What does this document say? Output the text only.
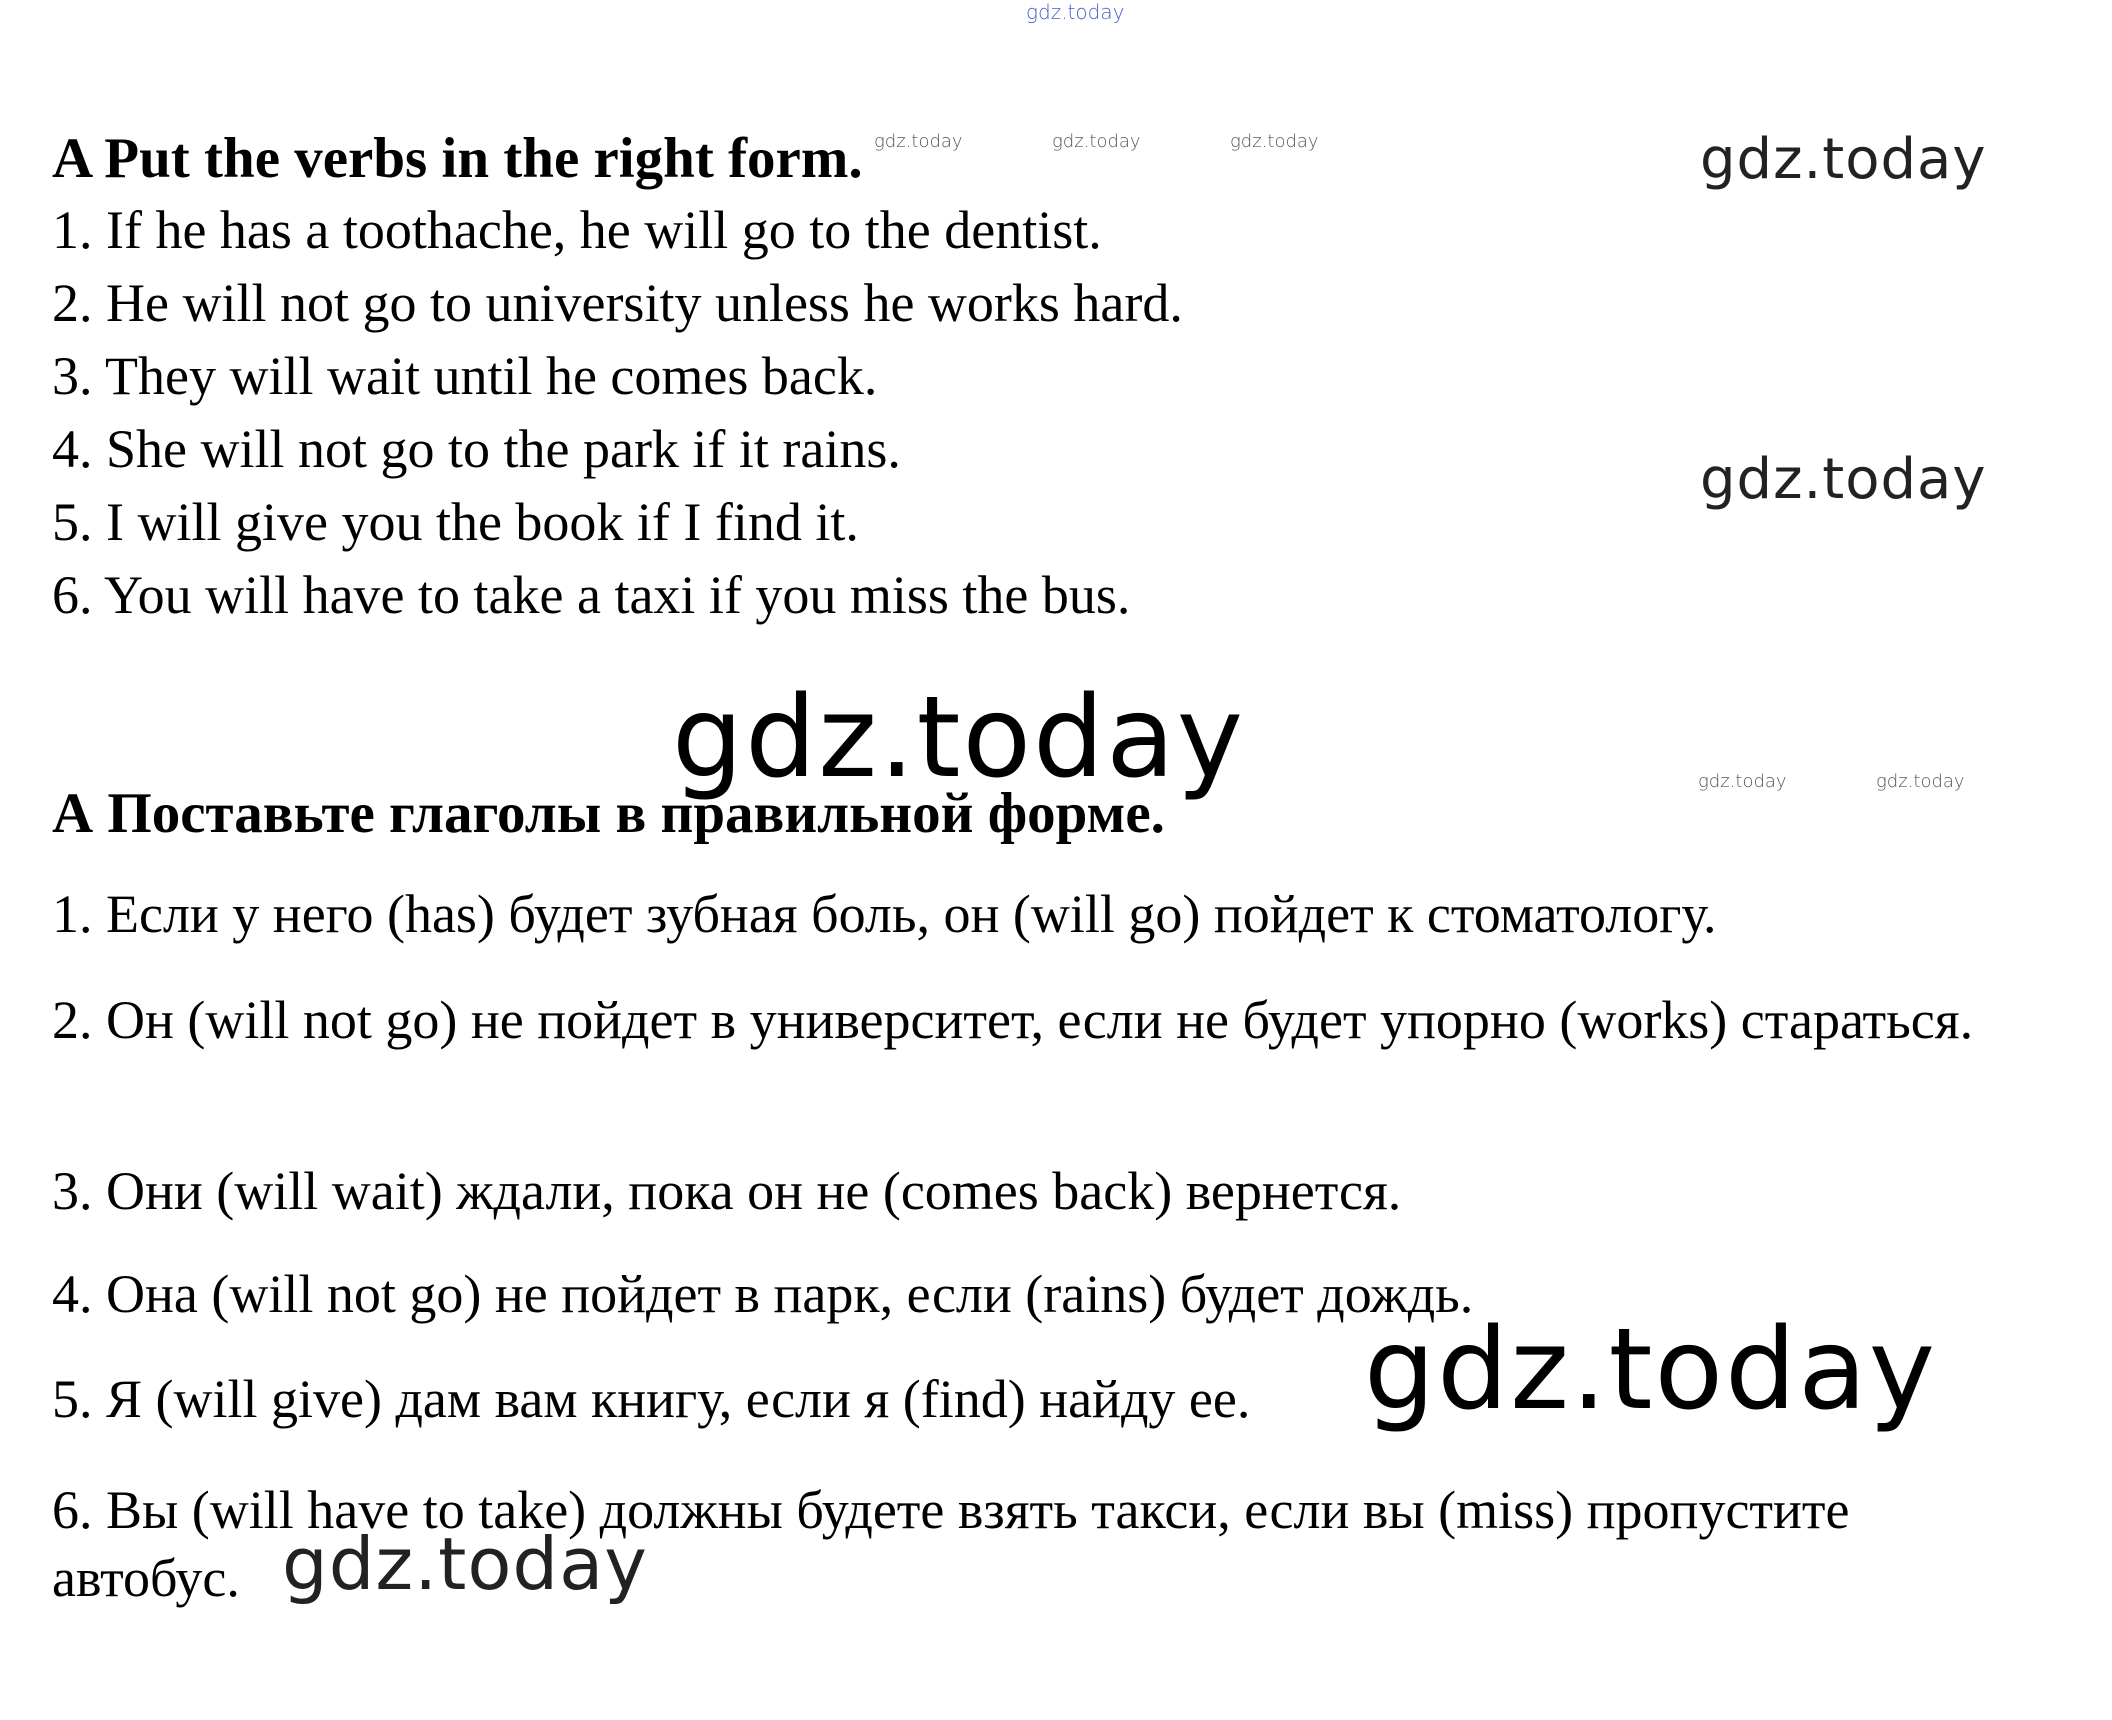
gdz.today
gdz.today	gdz.today	gdz.today	gdz.today
gdz.today
gdz.today	gdz.today	gdz.today
gdz.today
gdz.today
A Put the verbs in the right form.
1. If he has a toothache, he will go to the dentist.
2. He will not go to university unless he works hard.
3. They will wait until he comes back.
4. She will not go to the park if it rains.
5. I will give you the book if I find it.
6. You will have to take a taxi if you miss the bus.
А Поставьте глаголы в правильной форме.
1. Если у него (has) будет зубная боль, он (will go) пойдет к стоматологу.
2. Он (will not go) не пойдет в университет, если не будет упорно (works) стараться.
3. Они (will wait) ждали, пока он не (comes back) вернется.
4. Она (will not go) не пойдет в парк, если (rains) будет дождь.
5. Я (will give) дам вам книгу, если я (find) найду ее.
6. Вы (will have to take) должны будете взять такси, если вы (miss) пропустите автобус.
